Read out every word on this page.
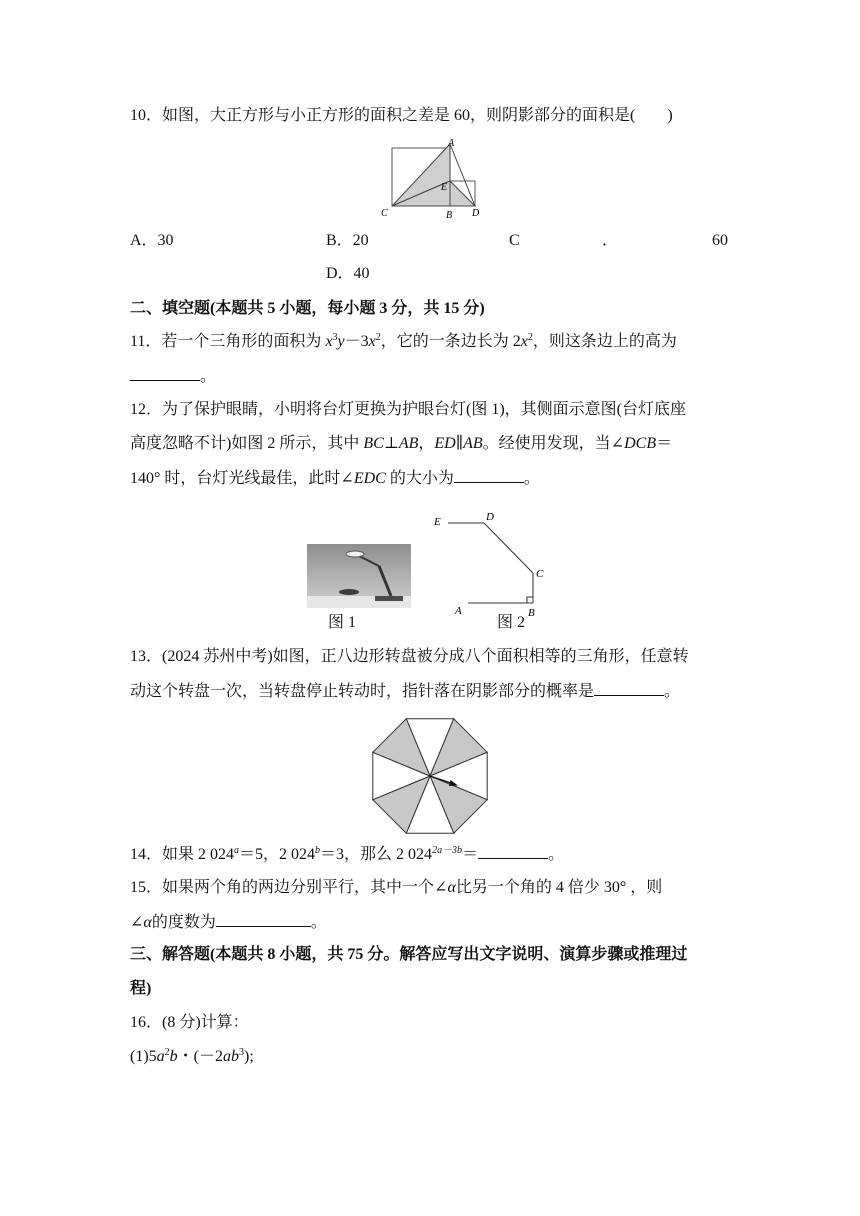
10．如图，大正方形与小正方形的面积之差是 60，则阴影部分的面积是(　　)
A
E
C	B D
A．30	B．20	C	．	60
D．40
二、填空题(本题共 5 小题，每小题 3 分，共 15 分)
11．若一个三角形的面积为 $x^3y-3x^2$，它的一条边长为 $2x^2$，则这条边上的高为
。
12．为了保护眼睛，小明将台灯更换为护眼台灯(图 1)，其侧面示意图(台灯底座
高度忽略不计)如图 2 所示，其中 BC⊥AB，ED∥AB。经使用发现，当∠DCB＝
140° 时，台灯光线最佳，此时∠EDC 的大小为	。
图 1
E	D
C
A	B
图 2
13．(2024 苏州中考)如图，正八边形转盘被分成八个面积相等的三角形，任意转
动这个转盘一次，当转盘停止转动时，指针落在阴影部分的概率是	。
14．如果 2 $024^a=5$，2 $024^b=3$，那么 2 $024^{2a-3b}=$	。
15．如果两个角的两边分别平行，其中一个∠α比另一个角的 4 倍少 30° ，则
∠α的度数为	。
三、解答题(本题共 8 小题，共 75 分。解答应写出文字说明、演算步骤或推理过
程)
16．(8 分)计算：
$(1)5a^2b$・$(-2ab^3)$;
